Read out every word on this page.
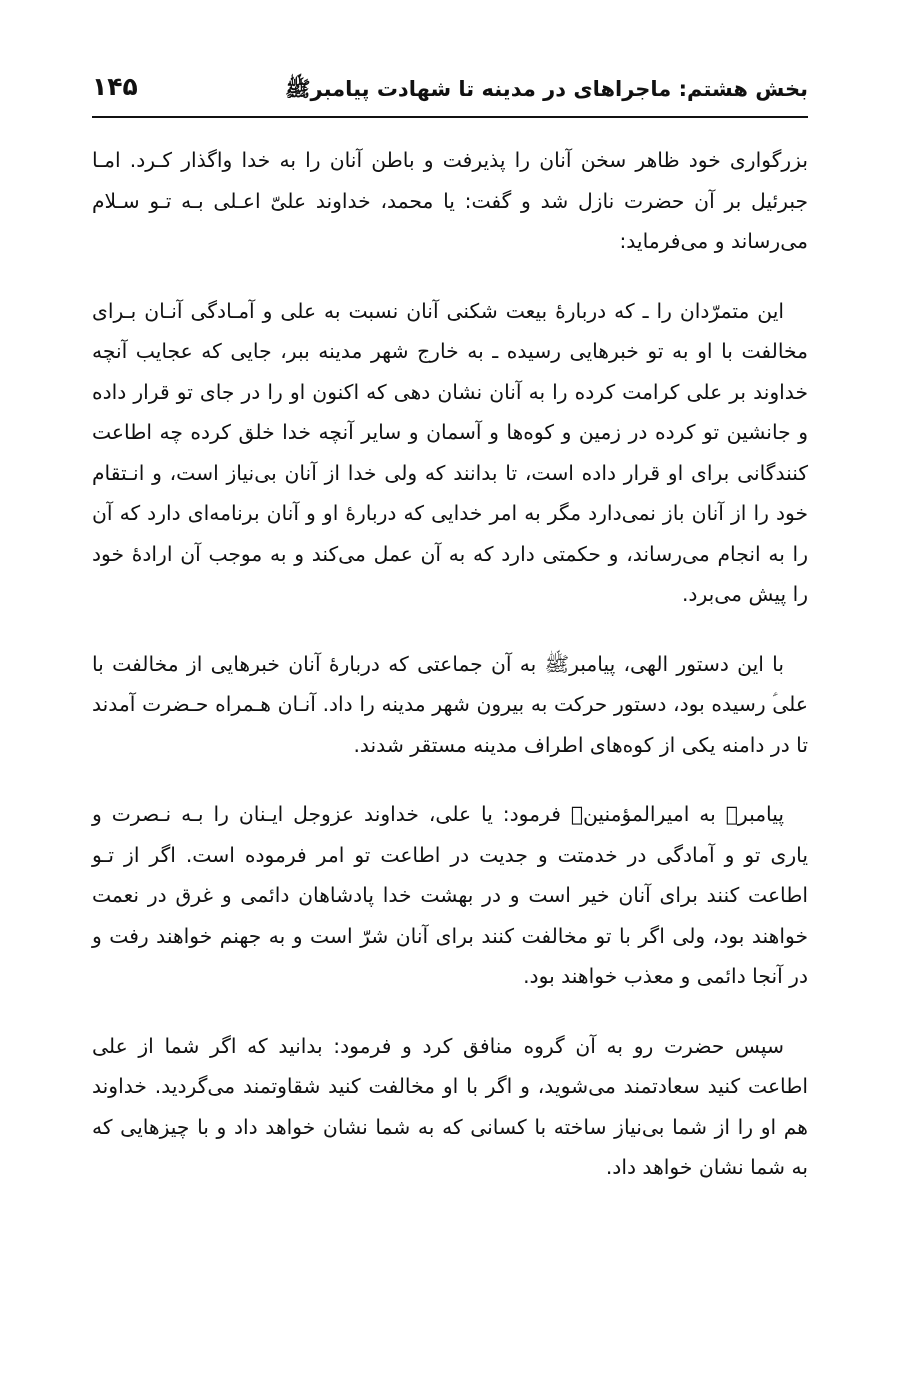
بخش هشتم: ماجراهای در مدینه تا شهادت پیامبرﷺ
۱۴۵

بزرگواری خود ظاهر سخن آنان را پذیرفت و باطن آنان را به خدا واگذار کـرد. امـا جبرئیل بر آن حضرت نازل شد و گفت: یا محمد، خداوند علیّ اعـلی بـه تـو سـلام می‌رساند و می‌فرماید:

این متمرّدان را ـ که دربارۀ بیعت شکنی آنان نسبت به علی و آمـادگی آنـان بـرای مخالفت با او به تو خبرهایی رسیده ـ به خارج شهر مدینه ببر، جایی که عجایب آنچه خداوند بر علی کرامت کرده را به آنان نشان دهی که اکنون او را در جای تو قرار داده و جانشین تو کرده در زمین و کوه‌ها و آسمان و سایر آنچه خدا خلق کرده چه اطاعت کنندگانی برای او قرار داده است، تا بدانند که ولی خدا از آنان بی‌نیاز است، و انـتقام خود را از آنان باز نمی‌دارد مگر به امر خدایی که دربارۀ او و آنان برنامه‌ای دارد که آن را به انجام می‌رساند، و حکمتی دارد که به آن عمل می‌کند و به موجب آن ارادۀ خود را پیش می‌برد.

با این دستور الهی، پیامبرﷺ به آن جماعتی که دربارۀ آنان خبرهایی از مخالفت با علی‌ؑ رسیده بود، دستور حرکت به بیرون شهر مدینه را داد. آنـان هـمراه حـضرت آمدند تا در دامنه یکی از کوه‌های اطراف مدینه مستقر شدند.

پیامبرﷺ به امیرالمؤمنینؑ فرمود: یا علی، خداوند عزوجل ایـنان را بـه نـصرت و یاری تو و آمادگی در خدمتت و جدیت در اطاعت تو امر فرموده است. اگر از تـو اطاعت کنند برای آنان خیر است و در بهشت خدا پادشاهان دائمی و غرق در نعمت خواهند بود، ولی اگر با تو مخالفت کنند برای آنان شرّ است و به جهنم خواهند رفت و در آنجا دائمی و معذب خواهند بود.

سپس حضرت رو به آن گروه منافق کرد و فرمود: بدانید که اگر شما از علی اطاعت کنید سعادتمند می‌شوید، و اگر با او مخالفت کنید شقاوتمند می‌گردید. خداوند هم او را از شما بی‌نیاز ساخته با کسانی که به شما نشان خواهد داد و با چیزهایی که به شما نشان خواهد داد.
